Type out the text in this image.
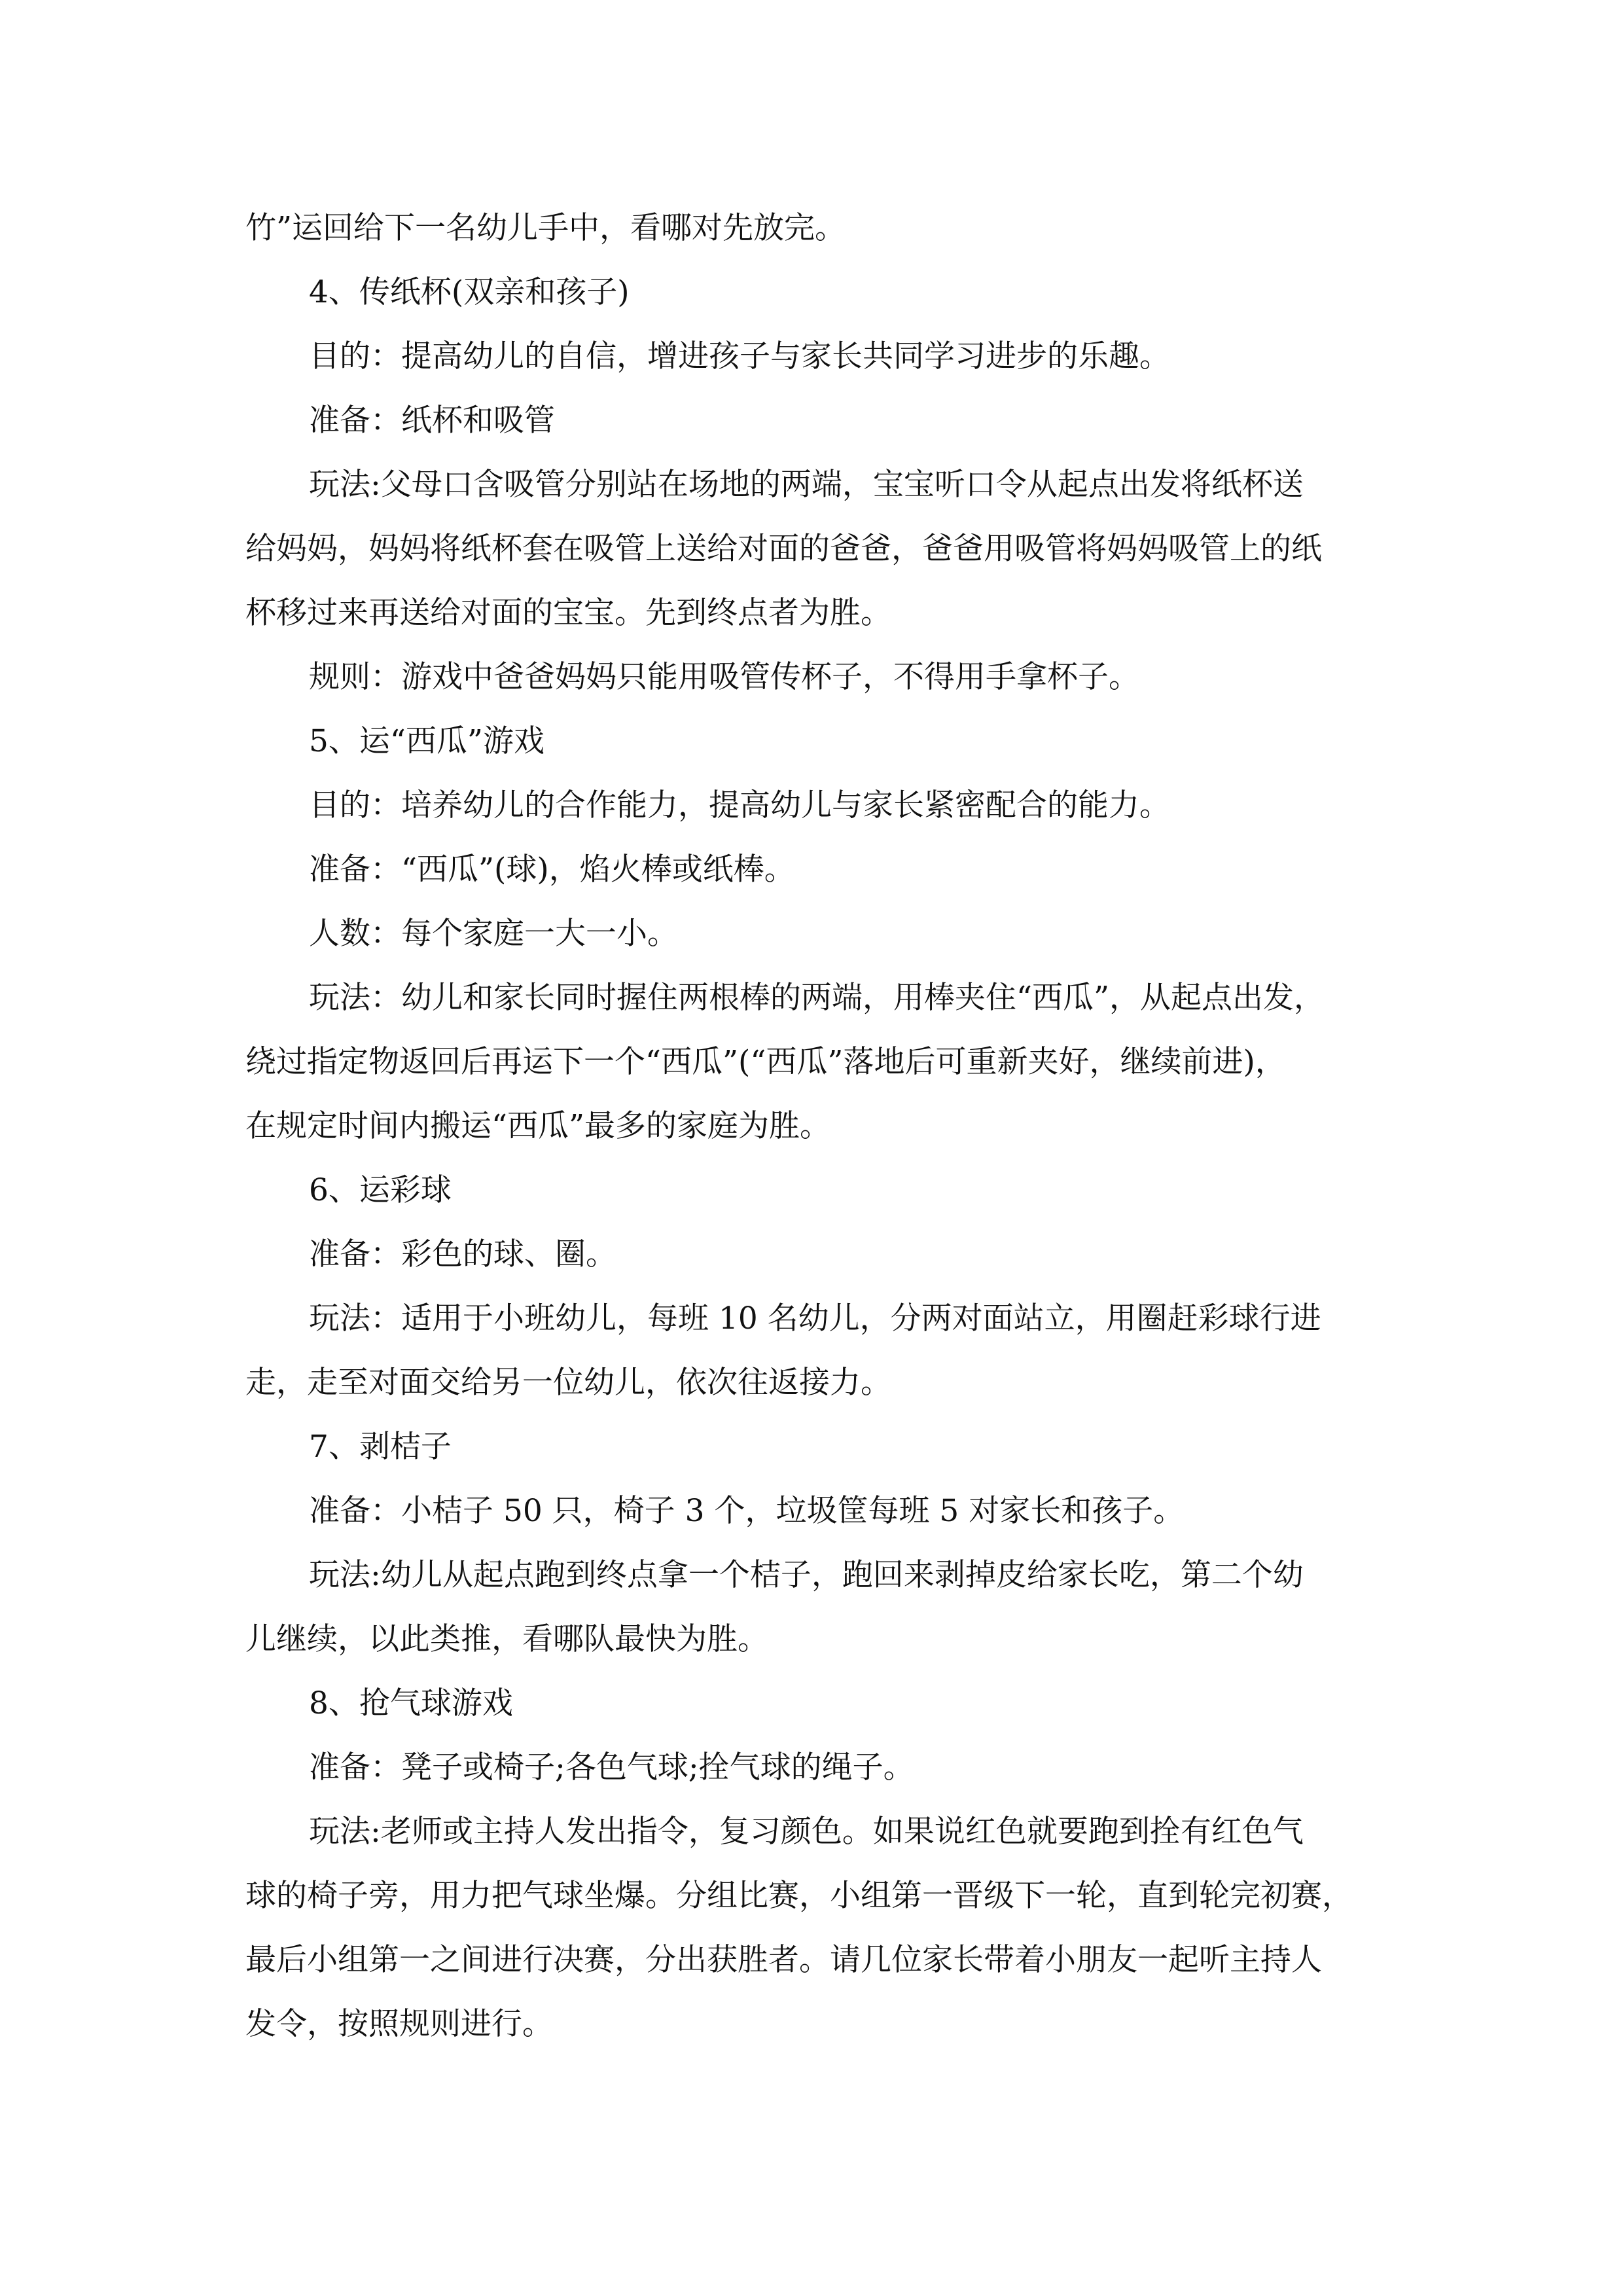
竹”运回给下一名幼儿手中，看哪对先放完。
4、传纸杯(双亲和孩子)
目的：提高幼儿的自信，增进孩子与家长共同学习进步的乐趣。
准备：纸杯和吸管
玩法:父母口含吸管分别站在场地的两端，宝宝听口令从起点出发将纸杯送
给妈妈，妈妈将纸杯套在吸管上送给对面的爸爸，爸爸用吸管将妈妈吸管上的纸
杯移过来再送给对面的宝宝。先到终点者为胜。
规则：游戏中爸爸妈妈只能用吸管传杯子，不得用手拿杯子。
5、运“西瓜”游戏
目的：培养幼儿的合作能力，提高幼儿与家长紧密配合的能力。
准备：“西瓜”(球)，焰火棒或纸棒。
人数：每个家庭一大一小。
玩法：幼儿和家长同时握住两根棒的两端，用棒夹住“西瓜”，从起点出发，
绕过指定物返回后再运下一个“西瓜”(“西瓜”落地后可重新夹好，继续前进)，
在规定时间内搬运“西瓜”最多的家庭为胜。
6、运彩球
准备：彩色的球、圈。
玩法：适用于小班幼儿，每班 10 名幼儿，分两对面站立，用圈赶彩球行进
走，走至对面交给另一位幼儿，依次往返接力。
7、剥桔子
准备：小桔子 50 只，椅子 3 个，垃圾筐每班 5 对家长和孩子。
玩法:幼儿从起点跑到终点拿一个桔子，跑回来剥掉皮给家长吃，第二个幼
儿继续，以此类推，看哪队最快为胜。
8、抢气球游戏
准备：凳子或椅子;各色气球;拴气球的绳子。
玩法:老师或主持人发出指令，复习颜色。如果说红色就要跑到拴有红色气
球的椅子旁，用力把气球坐爆。分组比赛，小组第一晋级下一轮，直到轮完初赛，
最后小组第一之间进行决赛，分出获胜者。请几位家长带着小朋友一起听主持人
发令，按照规则进行。
